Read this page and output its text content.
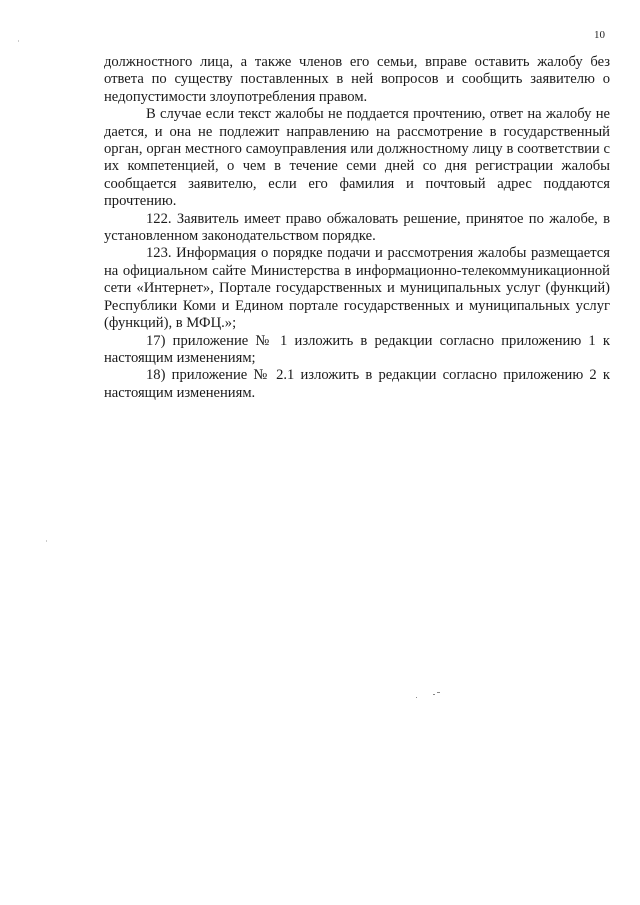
10

должностного лица, а также членов его семьи, вправе оставить жалобу без ответа по существу поставленных в ней вопросов и сообщить заявителю о недопустимости злоупотребления правом.

В случае если текст жалобы не поддается прочтению, ответ на жалобу не дается, и она не подлежит направлению на рассмотрение в государственный орган, орган местного самоуправления или должностному лицу в соответствии с их компетенцией, о чем в течение семи дней со дня регистрации жалобы сообщается заявителю, если его фамилия и почтовый адрес поддаются прочтению.

122. Заявитель имеет право обжаловать решение, принятое по жалобе, в установленном законодательством порядке.

123. Информация о порядке подачи и рассмотрения жалобы размещается на официальном сайте Министерства в информационно-телекоммуникационной сети «Интернет», Портале государственных и муниципальных услуг (функций) Республики Коми и Едином портале государственных и муниципальных услуг (функций), в МФЦ.»;

17) приложение № 1 изложить в редакции согласно приложению 1 к настоящим изменениям;

18) приложение № 2.1 изложить в редакции согласно приложению 2 к настоящим изменениям.
